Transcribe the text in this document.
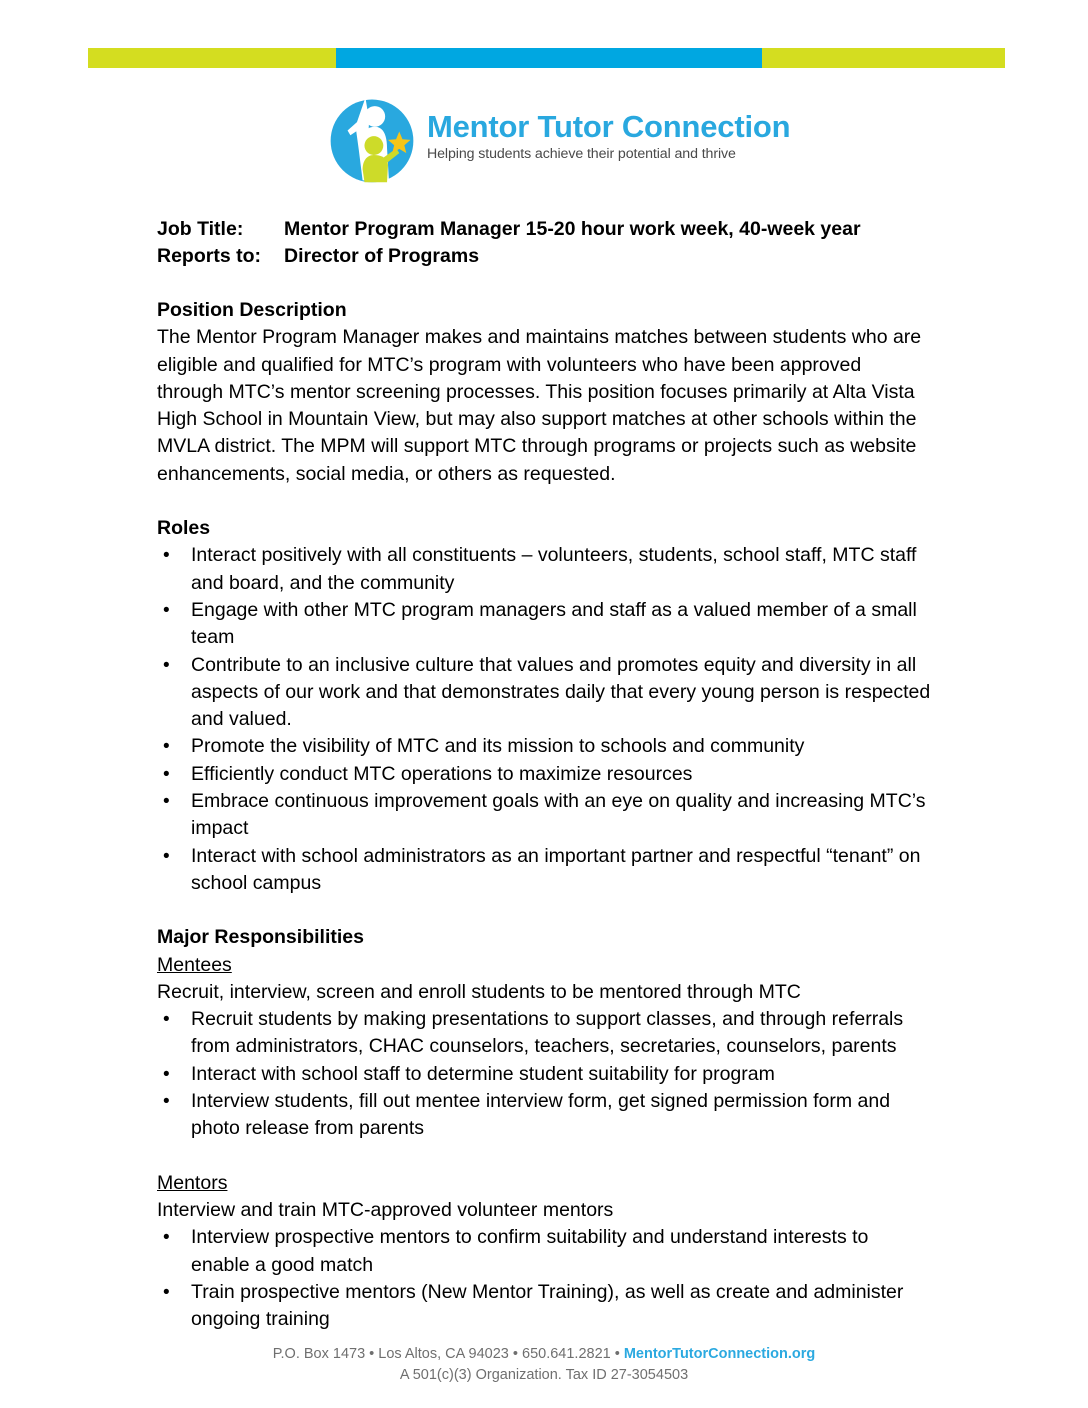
Mentor Tutor Connection
Helping students achieve their potential and thrive
Job Title:	Mentor Program Manager 15-20 hour work week, 40-week year
Reports to:	Director of Programs
Position Description
The Mentor Program Manager makes and maintains matches between students who are eligible and qualified for MTC’s program with volunteers who have been approved through MTC’s mentor screening processes. This position focuses primarily at Alta Vista High School in Mountain View, but may also support matches at other schools within the MVLA district. The MPM will support MTC through programs or projects such as website enhancements, social media, or others as requested.
Roles
• Interact positively with all constituents – volunteers, students, school staff, MTC staff and board, and the community
• Engage with other MTC program managers and staff as a valued member of a small team
• Contribute to an inclusive culture that values and promotes equity and diversity in all aspects of our work and that demonstrates daily that every young person is respected and valued.
• Promote the visibility of MTC and its mission to schools and community
• Efficiently conduct MTC operations to maximize resources
• Embrace continuous improvement goals with an eye on quality and increasing MTC’s impact
• Interact with school administrators as an important partner and respectful “tenant” on school campus
Major Responsibilities
Mentees
Recruit, interview, screen and enroll students to be mentored through MTC
• Recruit students by making presentations to support classes, and through referrals from administrators, CHAC counselors, teachers, secretaries, counselors, parents
• Interact with school staff to determine student suitability for program
• Interview students, fill out mentee interview form, get signed permission form and photo release from parents
Mentors
Interview and train MTC-approved volunteer mentors
• Interview prospective mentors to confirm suitability and understand interests to enable a good match
• Train prospective mentors (New Mentor Training), as well as create and administer ongoing training
P.O. Box 1473 • Los Altos, CA 94023 • 650.641.2821 • MentorTutorConnection.org
A 501(c)(3) Organization. Tax ID 27-3054503
